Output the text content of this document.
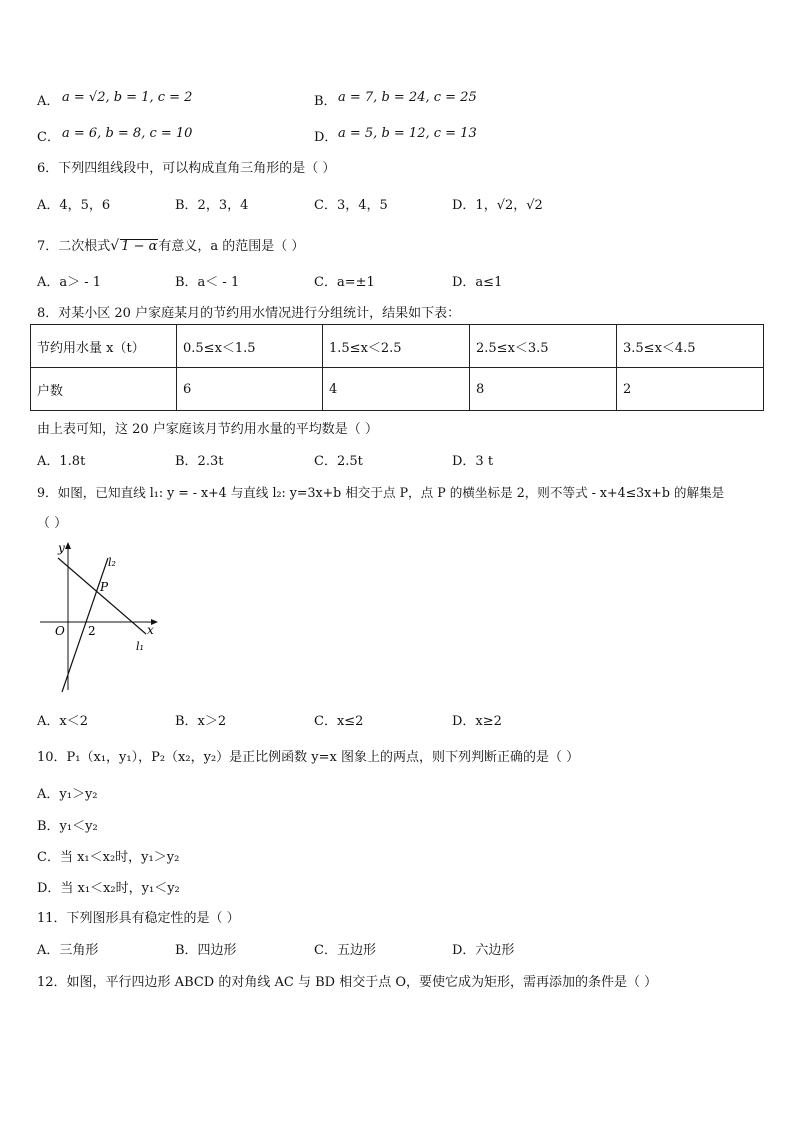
A． a = √2, b = 1, c = 2	B． a = 7, b = 24, c = 25
C． a = 6, b = 8, c = 10	D． a = 5, b = 12, c = 13
6．下列四组线段中，可以构成直角三角形的是（ ）
A．4，5，6	B．2，3，4	C．3，4，5	D．1，√2，√2
7．二次根式√ 1 − α有意义，a 的范围是（ ）
A．a＞ - 1	B．a＜ - 1	C．a=±1	D．a≤1
8．对某小区 20 户家庭某月的节约用水情况进行分组统计，结果如下表：
节约用水量 x（t）	0.5≤x＜1.5	1.5≤x＜2.5	2.5≤x＜3.5	3.5≤x＜4.5
户数	6	4	8	2
由上表可知，这 20 户家庭该月节约用水量的平均数是（ ）
A．1.8t	B．2.3t	C．2.5t	D．3 t
9．如图，已知直线 l₁: y = - x+4 与直线 l₂: y=3x+b 相交于点 P，点 P 的横坐标是 2，则不等式 - x+4≤3x+b 的解集是
（ ）
y
x
O 2
P
l₁
l₂
A．x＜2	B．x＞2	C．x≤2	D．x≥2
10．P₁（x₁，y₁），P₂（x₂，y₂）是正比例函数 y=x 图象上的两点，则下列判断正确的是（ ）
A．y₁＞y₂
B．y₁＜y₂
C．当 x₁＜x₂时，y₁＞y₂
D．当 x₁＜x₂时，y₁＜y₂
11．下列图形具有稳定性的是（ ）
A．三角形	B．四边形	C．五边形	D．六边形
12．如图，平行四边形 ABCD 的对角线 AC 与 BD 相交于点 O，要使它成为矩形，需再添加的条件是（ ）
